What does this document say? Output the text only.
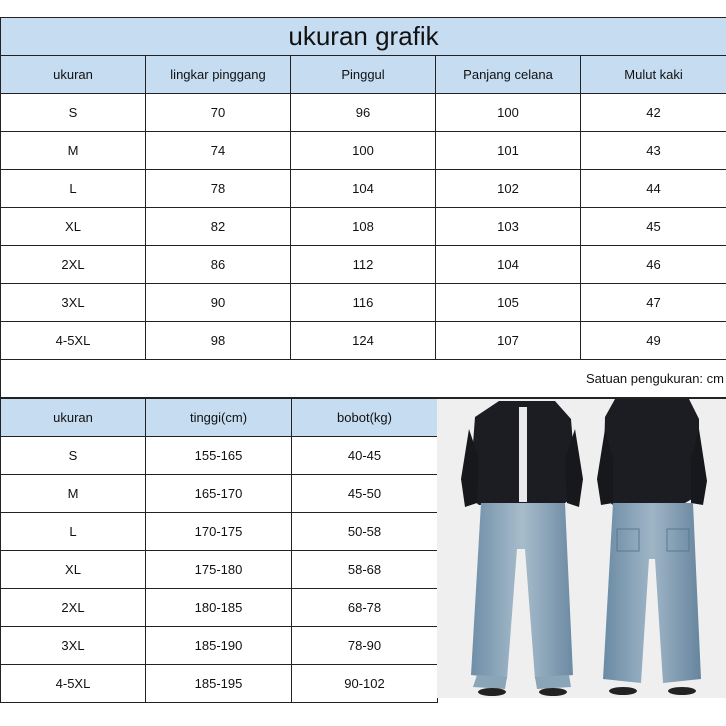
ukuran grafik				
ukuran	lingkar pinggang	Pinggul	Panjang celana	Mulut kaki
S	70	96	100	42
M	74	100	101	43
L	78	104	102	44
XL	82	108	103	45
2XL	86	112	104	46
3XL	90	116	105	47
4-5XL	98	124	107	49
Satuan pengukuran: cm
ukuran	tinggi(cm)	bobot(kg)
S	155-165	40-45
M	165-170	45-50
L	170-175	50-58
XL	175-180	58-68
2XL	180-185	68-78
3XL	185-190	78-90
4-5XL	185-195	90-102
